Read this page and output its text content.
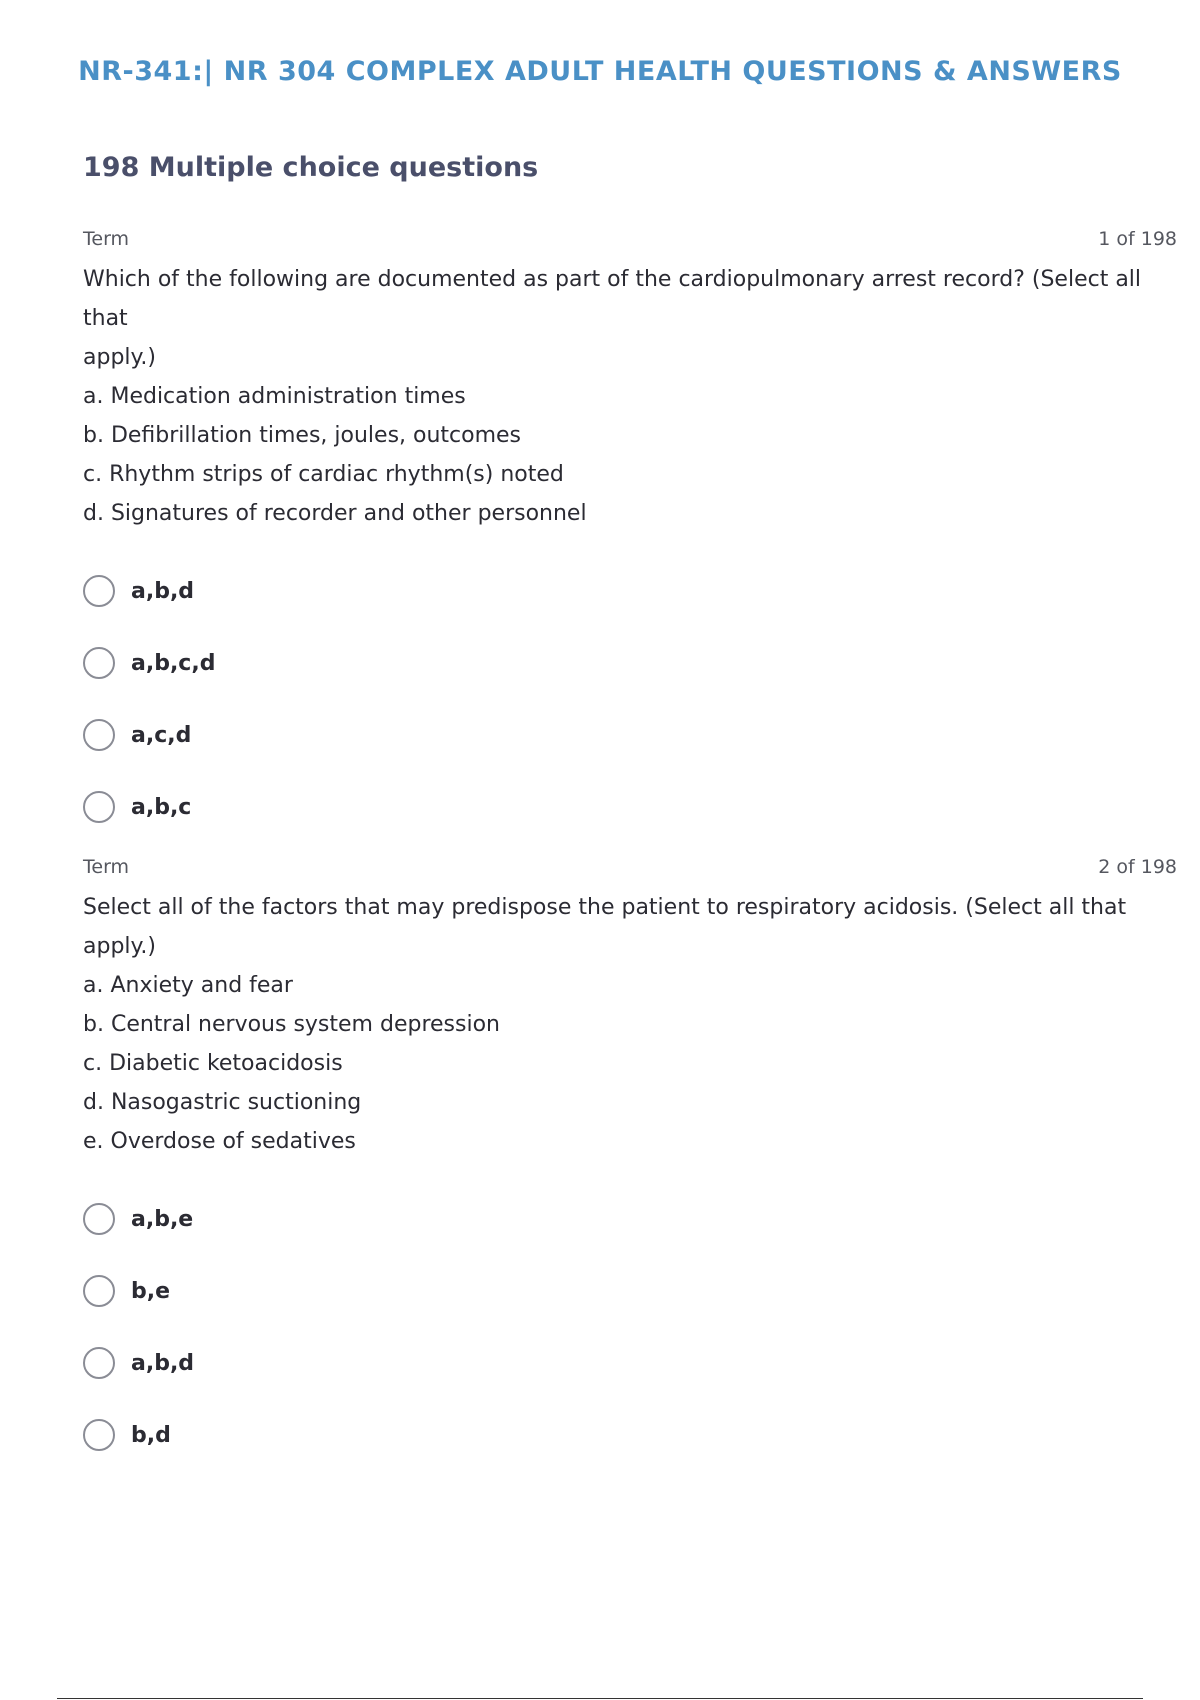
NR-341:| NR 304 COMPLEX ADULT HEALTH QUESTIONS & ANSWERS
198 Multiple choice questions
Term	1 of 198
Which of the following are documented as part of the cardiopulmonary arrest record? (Select all
that
apply.)
a. Medication administration times
b. Defibrillation times, joules, outcomes
c. Rhythm strips of cardiac rhythm(s) noted
d. Signatures of recorder and other personnel
a,b,d
a,b,c,d
a,c,d
a,b,c
Term	2 of 198
Select all of the factors that may predispose the patient to respiratory acidosis. (Select all that
apply.)
a. Anxiety and fear
b. Central nervous system depression
c. Diabetic ketoacidosis
d. Nasogastric suctioning
e. Overdose of sedatives
a,b,e
b,e
a,b,d
b,d
